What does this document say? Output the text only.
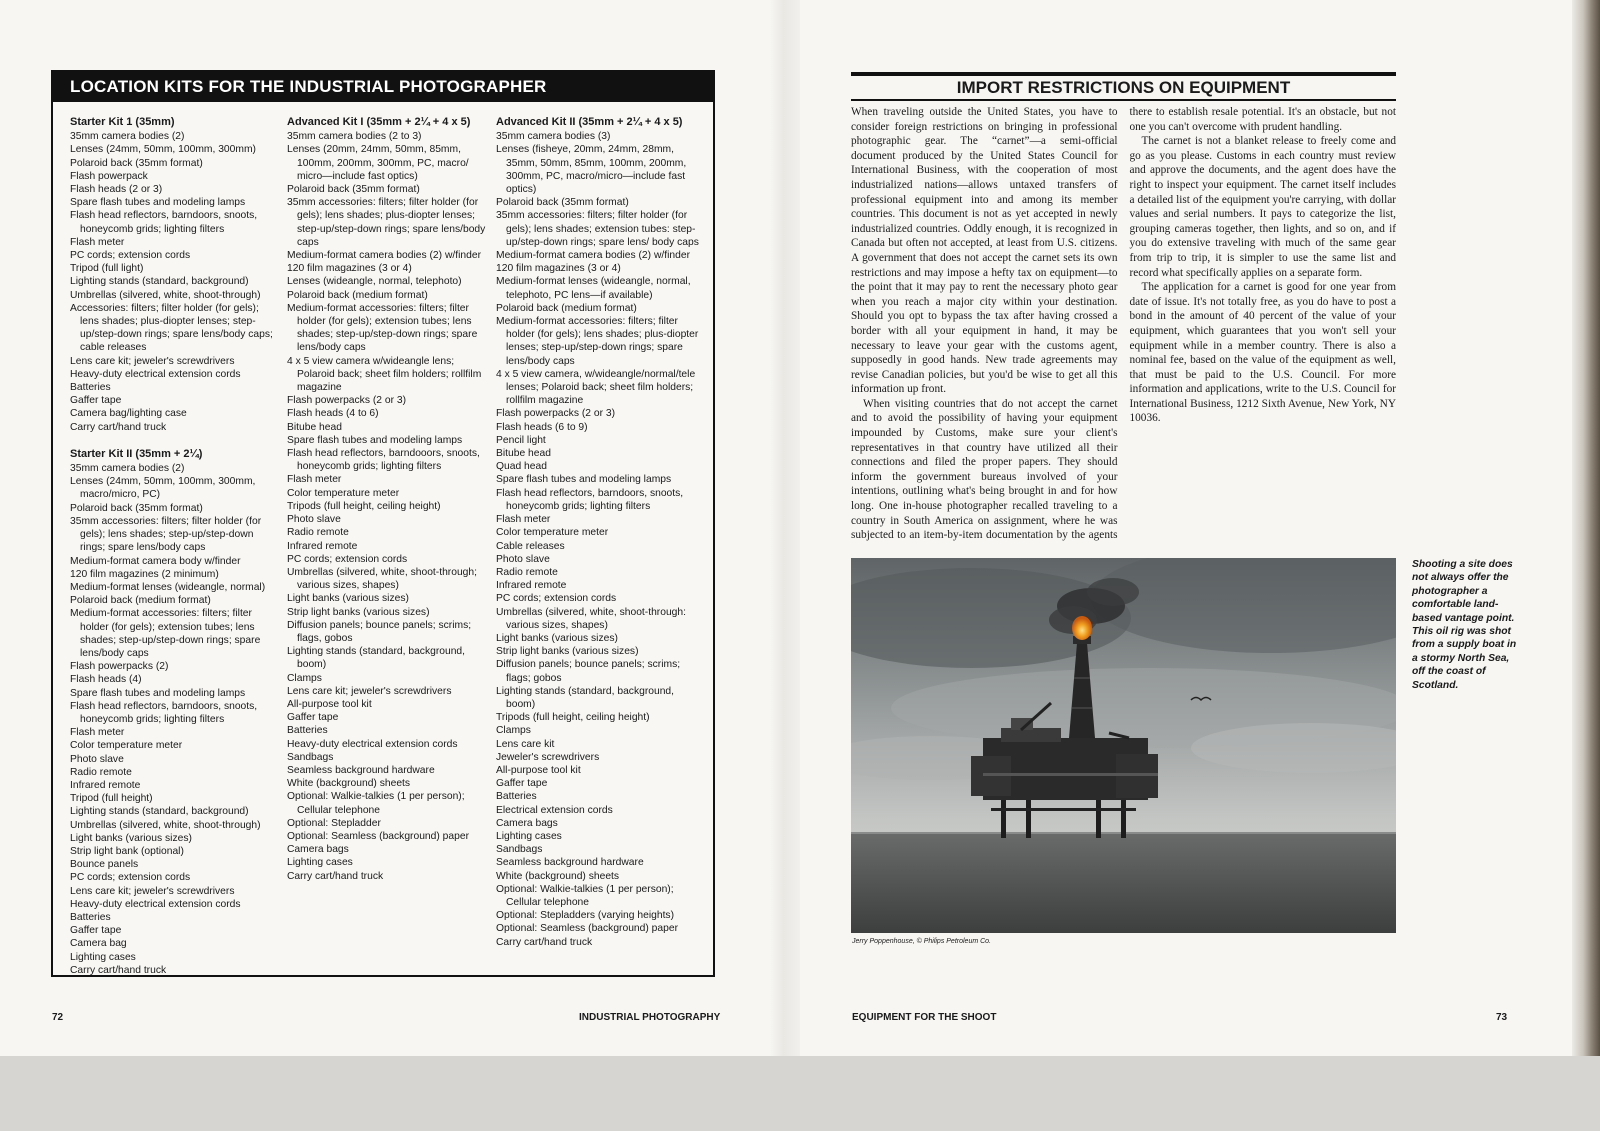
LOCATION KITS FOR THE INDUSTRIAL PHOTOGRAPHER
Starter Kit 1 (35mm)
35mm camera bodies (2)
Lenses (24mm, 50mm, 100mm, 300mm)
Polaroid back (35mm format)
Flash powerpack
Flash heads (2 or 3)
Spare flash tubes and modeling lamps
Flash head reflectors, barndoors, snoots, honeycomb grids; lighting filters
Flash meter
PC cords; extension cords
Tripod (full light)
Lighting stands (standard, background)
Umbrellas (silvered, white, shoot-through)
Accessories: filters; filter holder (for gels); lens shades; plus-diopter lenses; step-up/step-down rings; spare lens/body caps; cable releases
Lens care kit; jeweler's screwdrivers
Heavy-duty electrical extension cords
Batteries
Gaffer tape
Camera bag/lighting case
Carry cart/hand truck
Starter Kit II (35mm + 2¼)
35mm camera bodies (2)
Lenses (24mm, 50mm, 100mm, 300mm, macro/micro, PC)
Polaroid back (35mm format)
35mm accessories: filters; filter holder (for gels); lens shades; step-up/step-down rings; spare lens/body caps
Medium-format camera body w/finder
120 film magazines (2 minimum)
Medium-format lenses (wideangle, normal)
Polaroid back (medium format)
Medium-format accessories: filters; filter holder (for gels); extension tubes; lens shades; step-up/step-down rings; spare lens/body caps
Flash powerpacks (2)
Flash heads (4)
Spare flash tubes and modeling lamps
Flash head reflectors, barndoors, snoots, honeycomb grids; lighting filters
Flash meter
Color temperature meter
Photo slave
Radio remote
Infrared remote
Tripod (full height)
Lighting stands (standard, background)
Umbrellas (silvered, white, shoot-through)
Light banks (various sizes)
Strip light bank (optional)
Bounce panels
PC cords; extension cords
Lens care kit; jeweler's screwdrivers
Heavy-duty electrical extension cords
Batteries
Gaffer tape
Camera bag
Lighting cases
Carry cart/hand truck
Advanced Kit I (35mm + 2¼ + 4 x 5)
35mm camera bodies (2 to 3)
Lenses (20mm, 24mm, 50mm, 85mm, 100mm, 200mm, 300mm, PC, macro/ micro—include fast optics)
Polaroid back (35mm format)
35mm accessories: filters; filter holder (for gels); lens shades; plus-diopter lenses; step-up/step-down rings; spare lens/body caps
Medium-format camera bodies (2) w/finder
120 film magazines (3 or 4)
Lenses (wideangle, normal, telephoto)
Polaroid back (medium format)
Medium-format accessories: filters; filter holder (for gels); extension tubes; lens shades; step-up/step-down rings; spare lens/body caps
4 x 5 view camera w/wideangle lens; Polaroid back; sheet film holders; rollfilm magazine
Flash powerpacks (2 or 3)
Flash heads (4 to 6)
Bitube head
Spare flash tubes and modeling lamps
Flash head reflectors, barndooors, snoots, honeycomb grids; lighting filters
Flash meter
Color temperature meter
Tripods (full height, ceiling height)
Photo slave
Radio remote
Infrared remote
PC cords; extension cords
Umbrellas (silvered, white, shoot-through; various sizes, shapes)
Light banks (various sizes)
Strip light banks (various sizes)
Diffusion panels; bounce panels; scrims; flags, gobos
Lighting stands (standard, background, boom)
Clamps
Lens care kit; jeweler's screwdrivers
All-purpose tool kit
Gaffer tape
Batteries
Heavy-duty electrical extension cords
Sandbags
Seamless background hardware
White (background) sheets
Optional: Walkie-talkies (1 per person); Cellular telephone
Optional: Stepladder
Optional: Seamless (background) paper
Camera bags
Lighting cases
Carry cart/hand truck
Advanced Kit II (35mm + 2¼ + 4 x 5)
35mm camera bodies (3)
Lenses (fisheye, 20mm, 24mm, 28mm, 35mm, 50mm, 85mm, 100mm, 200mm, 300mm, PC, macro/micro—include fast optics)
Polaroid back (35mm format)
35mm accessories: filters; filter holder (for gels); lens shades; extension tubes: step-up/step-down rings; spare lens/ body caps
Medium-format camera bodies (2) w/finder
120 film magazines (3 or 4)
Medium-format lenses (wideangle, normal, telephoto, PC lens—if available)
Polaroid back (medium format)
Medium-format accessories: filters; filter holder (for gels); lens shades; plus-diopter lenses; step-up/step-down rings; spare lens/body caps
4 x 5 view camera, w/wideangle/normal/tele lenses; Polaroid back; sheet film holders; rollfilm magazine
Flash powerpacks (2 or 3)
Flash heads (6 to 9)
Pencil light
Bitube head
Quad head
Spare flash tubes and modeling lamps
Flash head reflectors, barndoors, snoots, honeycomb grids; lighting filters
Flash meter
Color temperature meter
Cable releases
Photo slave
Radio remote
Infrared remote
PC cords; extension cords
Umbrellas (silvered, white, shoot-through: various sizes, shapes)
Light banks (various sizes)
Strip light banks (various sizes)
Diffusion panels; bounce panels; scrims; flags; gobos
Lighting stands (standard, background, boom)
Tripods (full height, ceiling height)
Clamps
Lens care kit
Jeweler's screwdrivers
All-purpose tool kit
Gaffer tape
Batteries
Electrical extension cords
Camera bags
Lighting cases
Sandbags
Seamless background hardware
White (background) sheets
Optional: Walkie-talkies (1 per person); Cellular telephone
Optional: Stepladders (varying heights)
Optional: Seamless (background) paper
Carry cart/hand truck
72	INDUSTRIAL PHOTOGRAPHY
IMPORT RESTRICTIONS ON EQUIPMENT

When traveling outside the United States, you have to consider foreign restrictions on bringing in professional photographic gear. The “carnet”—a semi-official document produced by the United States Council for International Business, with the cooperation of most industrialized nations—allows untaxed transfers of professional equipment into and among its member countries. This document is not as yet accepted in newly industrialized countries. Oddly enough, it is recognized in Canada but often not accepted, at least from U.S. citizens. A government that does not accept the carnet sets its own restrictions and may impose a hefty tax on equipment—to the point that it may pay to rent the necessary photo gear when you reach a major city within your destination. Should you opt to bypass the tax after having crossed a border with all your equipment in hand, it may be necessary to leave your gear with the customs agent, supposedly in good hands. New trade agreements may revise Canadian policies, but you'd be wise to get all this information up front.

When visiting countries that do not accept the carnet and to avoid the possibility of having your equipment impounded by Customs, make sure your client's representatives in that country have utilized all their connections and filed the proper papers. They should inform the government bureaus involved of your intentions, outlining what's being brought in and for how long. One in-house photographer recalled traveling to a country in South America on assignment, where he was subjected to an item-by-item documentation by the agents there to establish resale potential. It's an obstacle, but not one you can't overcome with prudent handling.

The carnet is not a blanket release to freely come and go as you please. Customs in each country must review and approve the documents, and the agent does have the right to inspect your equipment. The carnet itself includes a detailed list of the equipment you're carrying, with dollar values and serial numbers. It pays to categorize the list, grouping cameras together, then lights, and so on, and if you do extensive traveling with much of the same gear from trip to trip, it is simpler to use the same list and record what specifically applies on a separate form.

The application for a carnet is good for one year from date of issue. It's not totally free, as you do have to post a bond in the amount of 40 percent of the value of your equipment, which guarantees that you won't sell your equipment while in a member country. There is also a nominal fee, based on the value of the equipment as well, that must be paid to the U.S. Council. For more information and applications, write to the U.S. Council for International Business, 1212 Sixth Avenue, New York, NY 10036.

Jerry Poppenhouse, © Philips Petroleum Co.
Shooting a site does not always offer the photographer a comfortable land-based vantage point. This oil rig was shot from a supply boat in a stormy North Sea, off the coast of Scotland.
EQUIPMENT FOR THE SHOOT	73
